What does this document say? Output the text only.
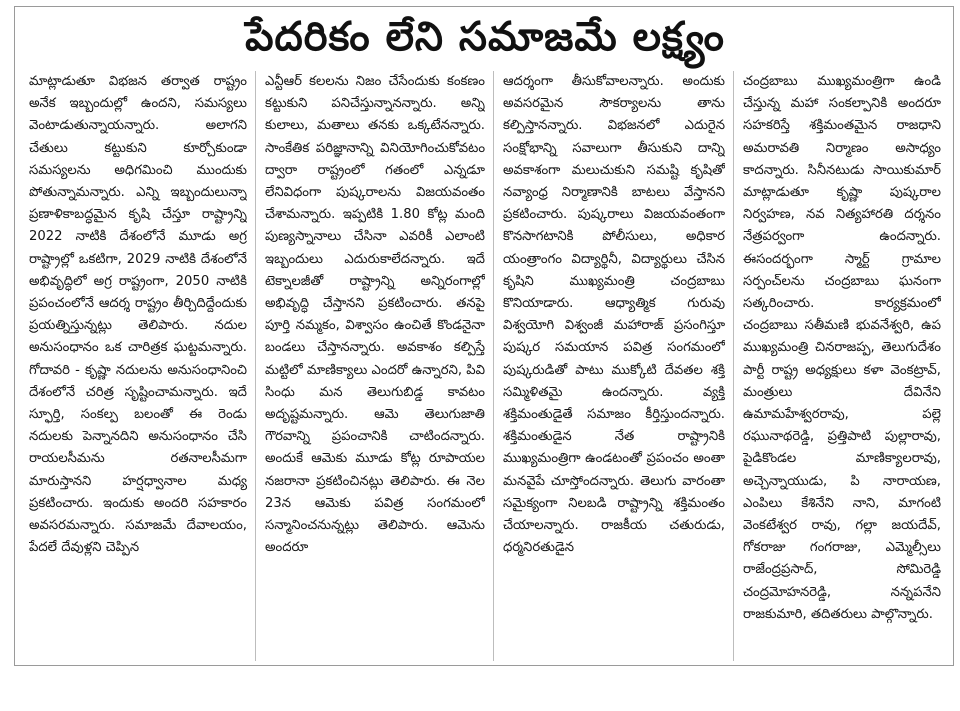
పేదరికం లేని సమాజమే లక్ష్యం

మాట్లాడుతూ విభజన తర్వాత రాష్ట్రం అనేక ఇబ్బందుల్లో ఉందని, సమస్యలు వెంటాడుతున్నాయన్నారు. అలాగని చేతులు కట్టుకుని కూర్చోకుండా సమస్యలను అధిగమించి ముందుకు పోతున్నామన్నారు. ఎన్ని ఇబ్బందులున్నా ప్రణాళికాబద్ధమైన కృషి చేస్తూ రాష్ట్రాన్ని 2022 నాటికి దేశంలోనే మూడు అగ్ర రాష్ట్రాల్లో ఒకటిగా, 2029 నాటికి దేశంలోనే అభివృద్ధిలో అగ్ర రాష్ట్రంగా, 2050 నాటికి ప్రపంచంలోనే ఆదర్శ రాష్ట్రం తీర్చిదిద్దేందుకు ప్రయత్నిస్తున్నట్లు తెలిపారు. నదుల అనుసంధానం ఒక చారిత్రక ఘట్టమన్నారు. గోదావరి - కృష్ణా నదులను అనుసంధానించి దేశంలోనే చరిత్ర సృష్టించామన్నారు. ఇదే స్ఫూర్తి, సంకల్ప బలంతో ఈ రెండు నదులకు పెన్నానదిని అనుసంధానం చేసి రాయలసీమను రతనాలసీమగా మారుస్తానని హర్షధ్వానాల మధ్య ప్రకటించారు. ఇందుకు అందరి సహకారం అవసరమన్నారు. సమాజమే దేవాలయం, పేదలే దేవుళ్లని చెప్పిన

ఎన్టీఆర్ కలలను నిజం చేసేందుకు కంకణం కట్టుకుని పనిచేస్తున్నానన్నారు. అన్ని కులాలు, మతాలు తనకు ఒక్కటేనన్నారు. సాంకేతిక పరిజ్ఞానాన్ని వినియోగించుకోవటం ద్వారా రాష్ట్రంలో గతంలో ఎన్నడూ లేనివిధంగా పుష్కరాలను విజయవంతం చేశామన్నారు. ఇప్పటికి 1.80 కోట్ల మంది పుణ్యస్నానాలు చేసినా ఎవరికీ ఎలాంటి ఇబ్బందులు ఎదురుకాలేదన్నారు. ఇదే టెక్నాలజీతో రాష్ట్రాన్ని అన్నిరంగాల్లో అభివృద్ధి చేస్తానని ప్రకటించారు. తనపై పూర్తి నమ్మకం, విశ్వాసం ఉంచితే కొండనైనా బండలు చేస్తానన్నారు. అవకాశం కల్పిస్తే మట్టిలో మాణిక్యాలు ఎందరో ఉన్నారని, పివి సింధు మన తెలుగుబిడ్డ కావటం అదృష్టమన్నారు. ఆమె తెలుగుజాతి గౌరవాన్ని ప్రపంచానికి చాటిందన్నారు. అందుకే ఆమెకు మూడు కోట్ల రూపాయల నజరానా ప్రకటించినట్లు తెలిపారు. ఈ నెల 23న ఆమెకు పవిత్ర సంగమంలో సన్మానించనున్నట్లు తెలిపారు. ఆమెను అందరూ

ఆదర్శంగా తీసుకోవాలన్నారు. అందుకు అవసరమైన సౌకర్యాలను తాను కల్పిస్తానన్నారు. విభజనలో ఎదురైన సంక్షోభాన్ని సవాలుగా తీసుకుని దాన్ని అవకాశంగా మలుచుకుని సమష్టి కృషితో నవ్యాంధ్ర నిర్మాణానికి బాటలు వేస్తానని ప్రకటించారు. పుష్కరాలు విజయవంతంగా కొనసాగటానికి పోలీసులు, అధికార యంత్రాంగం విద్యార్థినీ, విద్యార్థులు చేసిన కృషిని ముఖ్యమంత్రి చంద్రబాబు కొనియాడారు. ఆధ్యాత్మిక గురువు విశ్వయోగి విశ్వంజీ మహారాజ్ ప్రసంగిస్తూ పుష్కర సమయాన పవిత్ర సంగమంలో పుష్కరుడితో పాటు ముక్కోటి దేవతల శక్తి సమ్మిళితమై ఉందన్నారు. వ్యక్తి శక్తిమంతుడైతే సమాజం కీర్తిస్తుందన్నారు. శక్తిమంతుడైన నేత రాష్ట్రానికి ముఖ్యమంత్రిగా ఉండటంతో ప్రపంచం అంతా మనవైపే చూస్తోందన్నారు. తెలుగు వారంతా సమైక్యంగా నిలబడి రాష్ట్రాన్ని శక్తిమంతం చేయాలన్నారు. రాజకీయ చతురుడు, ధర్మనిరతుడైన

చంద్రబాబు ముఖ్యమంత్రిగా ఉండి చేస్తున్న మహా సంకల్పానికి అందరూ సహకరిస్తే శక్తిమంతమైన రాజధాని అమరావతి నిర్మాణం అసాధ్యం కాదన్నారు. సినీనటుడు సాయికుమార్ మాట్లాడుతూ కృష్ణా పుష్కరాల నిర్వహణ, నవ నిత్యహారతి దర్శనం నేత్రపర్వంగా ఉందన్నారు. ఈసందర్భంగా స్మార్ట్ గ్రామాల సర్పంచ్‌లను చంద్రబాబు ఘనంగా సత్కరించారు. కార్యక్రమంలో చంద్రబాబు సతీమణి భువనేశ్వరి, ఉప ముఖ్యమంత్రి చినరాజప్ప, తెలుగుదేశం పార్టీ రాష్ట్ర అధ్యక్షులు కళా వెంకట్రావ్, మంత్రులు దేవినేని ఉమామహేశ్వరరావు, పల్లె రఘునాథరెడ్డి, ప్రత్తిపాటి పుల్లారావు, పైడికొండల మాణిక్యాలరావు, అచ్చెన్నాయుడు, పి నారాయణ, ఎంపిలు కేశినేని నాని, మాగంటి వెంకటేశ్వర రావు, గల్లా జయదేవ్, గోకరాజు గంగరాజు, ఎమ్మెల్సీలు రాజేంద్రప్రసాద్, సోమిరెడ్డి చంద్రమోహనరెడ్డి, నన్నపనేని రాజకుమారి, తదితరులు పాల్గొన్నారు.
